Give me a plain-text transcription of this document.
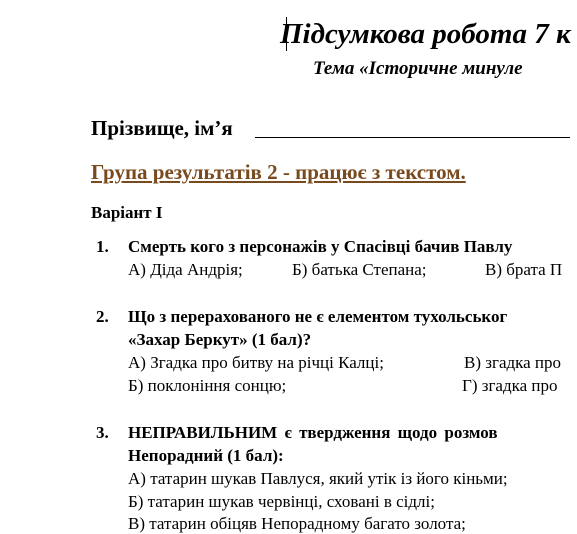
Підсумкова робота 7 к
Тема «Історичне минуле
Прізвище, ім’я
Група результатів 2 - працює з текстом.
Варіант I
1. Смерть кого з персонажів у Спасівці бачив Павлу
А) Діда Андрія;	Б) батька Степана;	В) брата П
2. Що з перерахованого не є елементом тухольськог
«Захар Беркут» (1 бал)?
А) Згадка про битву на річці Калці;	В) згадка про
Б) поклоніння сонцю;	Г) згадка про
3. НЕПРАВИЛЬНИМ є твердження щодо розмов
Непорадний (1 бал):
А) татарин шукав Павлуся, який утік із його кіньми;
Б) татарин шукав червінці, сховані в сідлі;
В) татарин обіцяв Непорадному багато золота;
